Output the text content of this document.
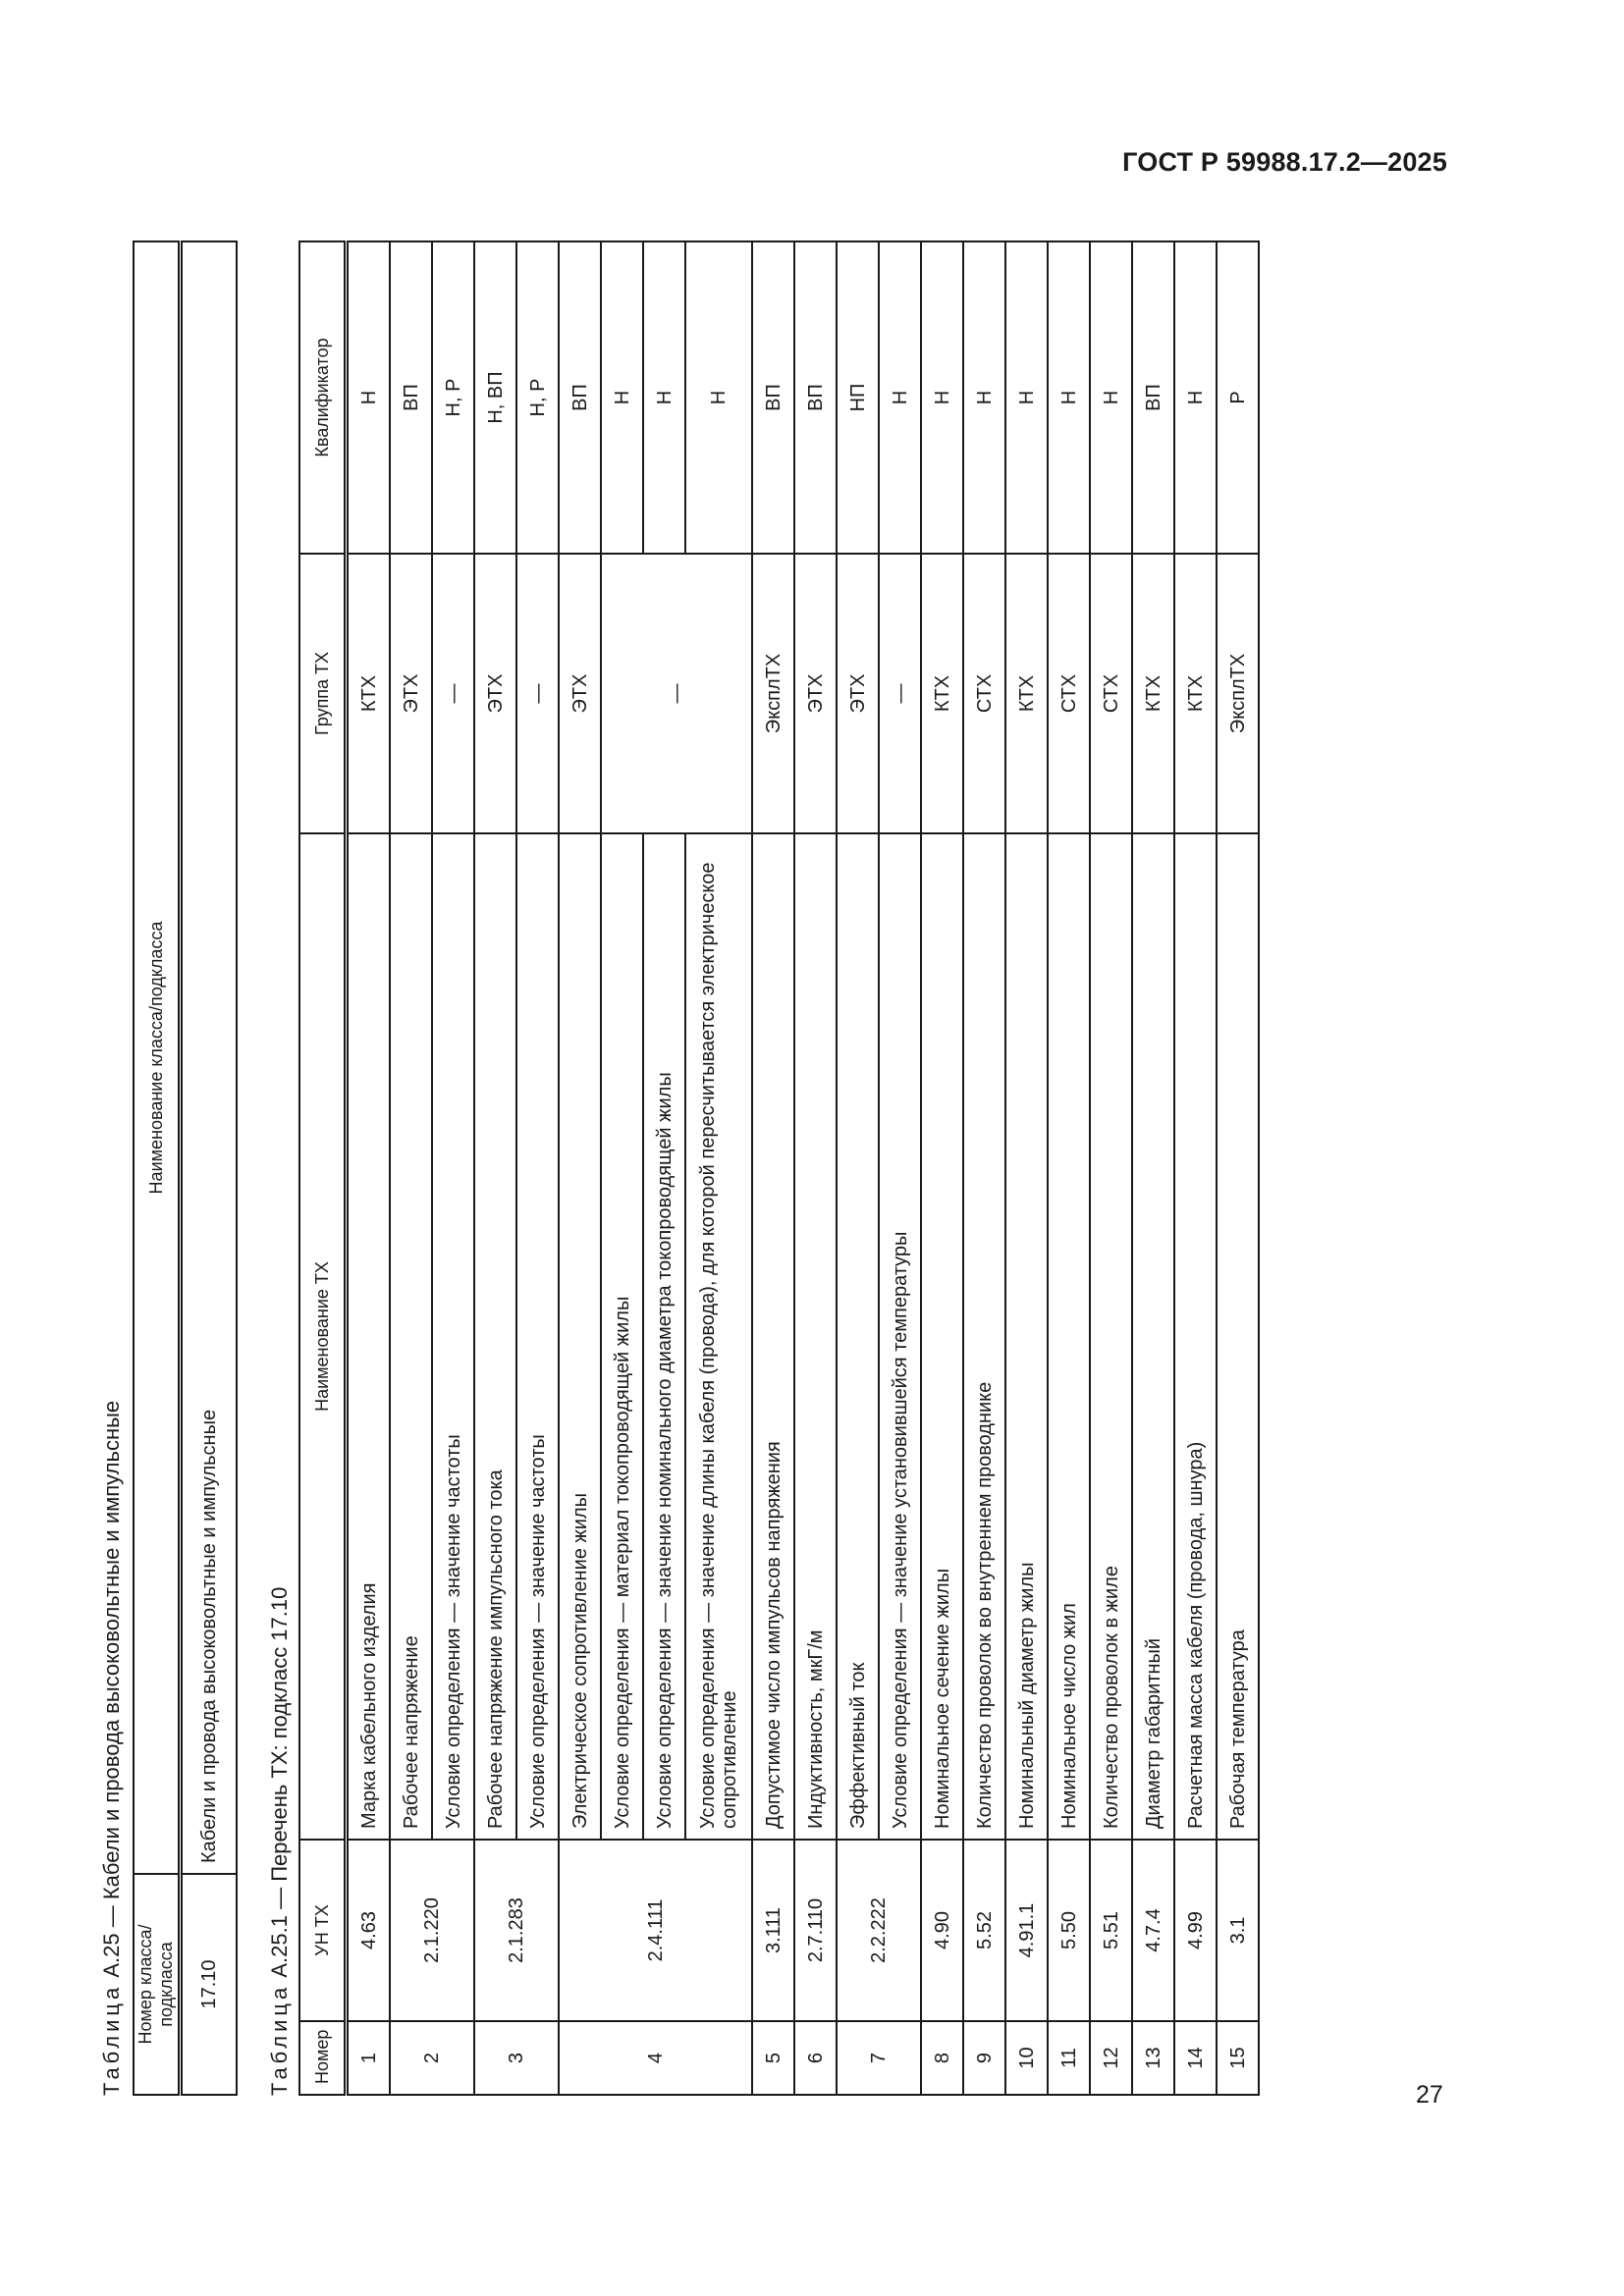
ГОСТ Р 59988.17.2—2025
Таблица А.25 — Кабели и провода высоковольтные и импульсные
Номер класса/подкласса	Наименование класса/подкласса
17.10	Кабели и провода высоковольтные и импульсные
Таблица А.25.1 — Перечень ТХ: подкласс 17.10
Номер	УН ТХ	Наименование ТХ	Группа ТХ	Квалификатор
1	4.63	Марка кабельного изделия	КТХ	Н
2	2.1.220	Рабочее напряжение	ЭТХ	ВП
		Условие определения — значение частоты	—	Н, Р
3	2.1.283	Рабочее напряжение импульсного тока	ЭТХ	Н, ВП
		Условие определения — значение частоты	—	Н, Р
4	2.4.111	Электрическое сопротивление жилы	ЭТХ	ВП
		Условие определения — материал токопроводящей жилы	—	Н
		Условие определения — значение номинального диаметра токопроводящей жилы		Н
		Условие определения — значение длины кабеля (провода), для которой пересчитывается электрическое сопротивление		Н
5	3.111	Допустимое число импульсов напряжения	ЭксплТХ	ВП
6	2.7.110	Индуктивность, мкГ/м	ЭТХ	ВП
7	2.2.222	Эффективный ток	ЭТХ	НП
		Условие определения — значение установившейся температуры	—	Н
8	4.90	Номинальное сечение жилы	КТХ	Н
9	5.52	Количество проволок во внутреннем проводнике	СТХ	Н
10	4.91.1	Номинальный диаметр жилы	КТХ	Н
11	5.50	Номинальное число жил	СТХ	Н
12	5.51	Количество проволок в жиле	СТХ	Н
13	4.7.4	Диаметр габаритный	КТХ	ВП
14	4.99	Расчетная масса кабеля (провода, шнура)	КТХ	Н
15	3.1	Рабочая температура	ЭксплТХ	Р
27
